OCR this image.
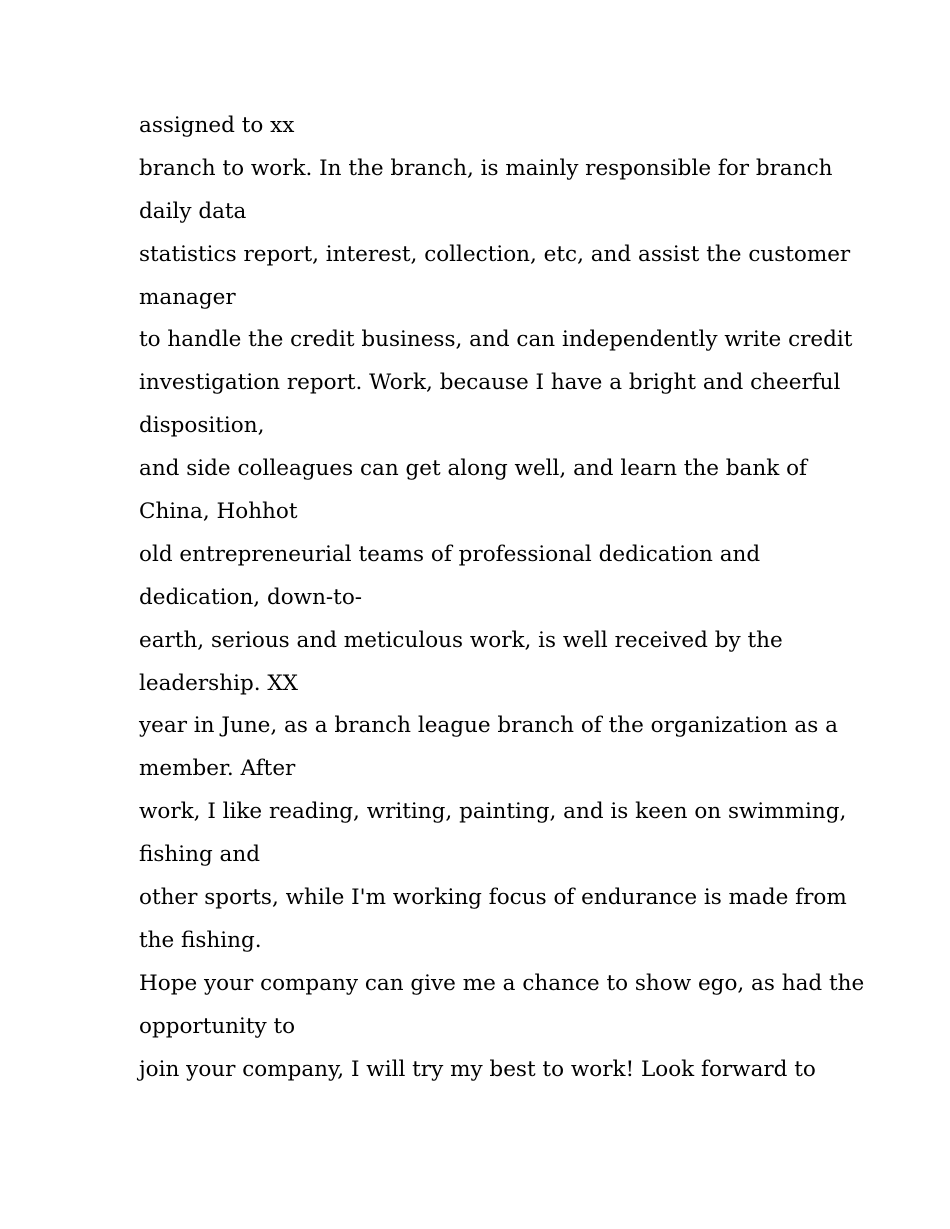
assigned to xx
branch to work. In the branch, is mainly responsible for branch
daily data
statistics report, interest, collection, etc, and assist the customer
manager
to handle the credit business, and can independently write credit
investigation report. Work, because I have a bright and cheerful
disposition,
and side colleagues can get along well, and learn the bank of
China, Hohhot
old entrepreneurial teams of professional dedication and
dedication, down-to-
earth, serious and meticulous work, is well received by the
leadership. XX
year in June, as a branch league branch of the organization as a
member. After
work, I like reading, writing, painting, and is keen on swimming,
fishing and
other sports, while I'm working focus of endurance is made from
the fishing.
Hope your company can give me a chance to show ego, as had the
opportunity to
join your company, I will try my best to work! Look forward to
